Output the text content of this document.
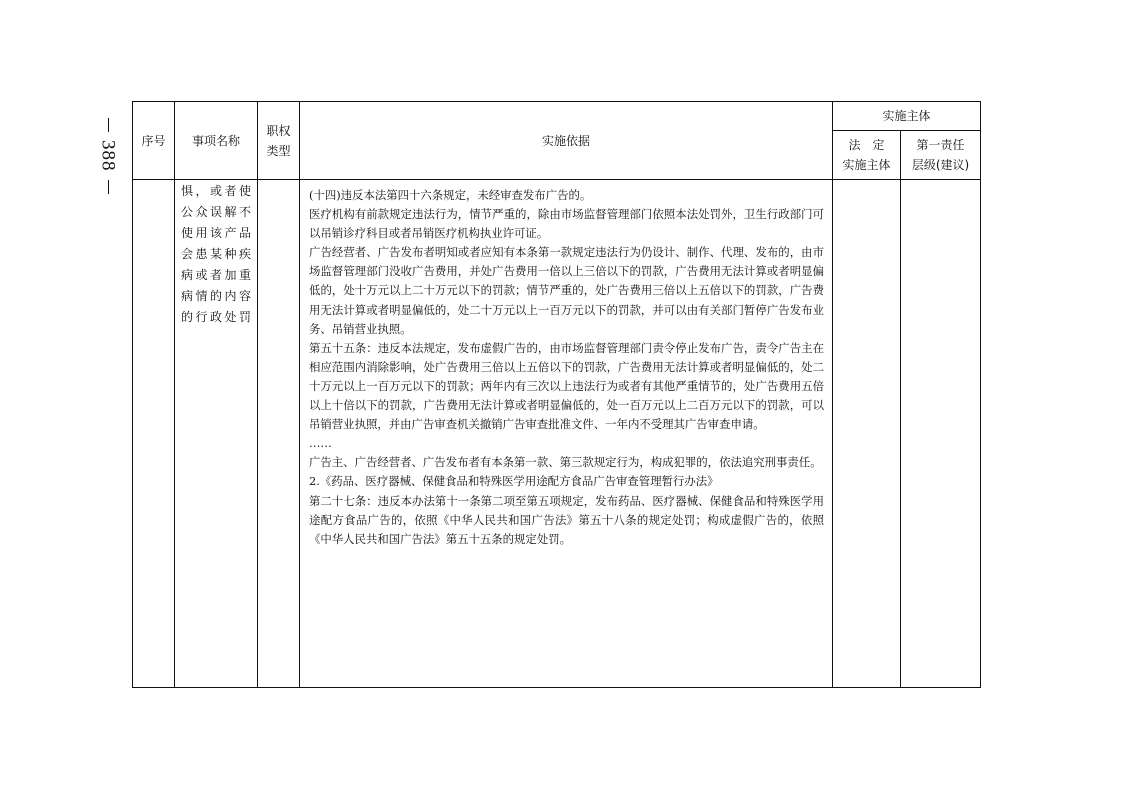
388	序号	事项名称
职权
类型
实施依据
实施主体
法　定
实施主体
第一责任
层级(建议)
惧，或者使
公众误解不
使用该产品
会患某种疾
病或者加重
病情的内容
的行政处罚

(十四)违反本法第四十六条规定，未经审查发布广告的。

医疗机构有前款规定违法行为，情节严重的，除由市场监督管理部门依照本法处罚外，卫生行政部门可以吊销诊疗科目或者吊销医疗机构执业许可证。

广告经营者、广告发布者明知或者应知有本条第一款规定违法行为仍设计、制作、代理、发布的，由市场监督管理部门没收广告费用，并处广告费用一倍以上三倍以下的罚款，广告费用无法计算或者明显偏低的，处十万元以上二十万元以下的罚款；情节严重的，处广告费用三倍以上五倍以下的罚款，广告费用无法计算或者明显偏低的，处二十万元以上一百万元以下的罚款，并可以由有关部门暂停广告发布业务、吊销营业执照。

第五十五条：违反本法规定，发布虚假广告的，由市场监督管理部门责令停止发布广告，责令广告主在相应范围内消除影响，处广告费用三倍以上五倍以下的罚款，广告费用无法计算或者明显偏低的，处二十万元以上一百万元以下的罚款；两年内有三次以上违法行为或者有其他严重情节的，处广告费用五倍以上十倍以下的罚款，广告费用无法计算或者明显偏低的，处一百万元以上二百万元以下的罚款，可以吊销营业执照，并由广告审查机关撤销广告审查批准文件、一年内不受理其广告审查申请。

……

广告主、广告经营者、广告发布者有本条第一款、第三款规定行为，构成犯罪的，依法追究刑事责任。

2.《药品、医疗器械、保健食品和特殊医学用途配方食品广告审查管理暂行办法》

第二十七条：违反本办法第十一条第二项至第五项规定，发布药品、医疗器械、保健食品和特殊医学用途配方食品广告的，依照《中华人民共和国广告法》第五十八条的规定处罚；构成虚假广告的，依照《中华人民共和国广告法》第五十五条的规定处罚。
